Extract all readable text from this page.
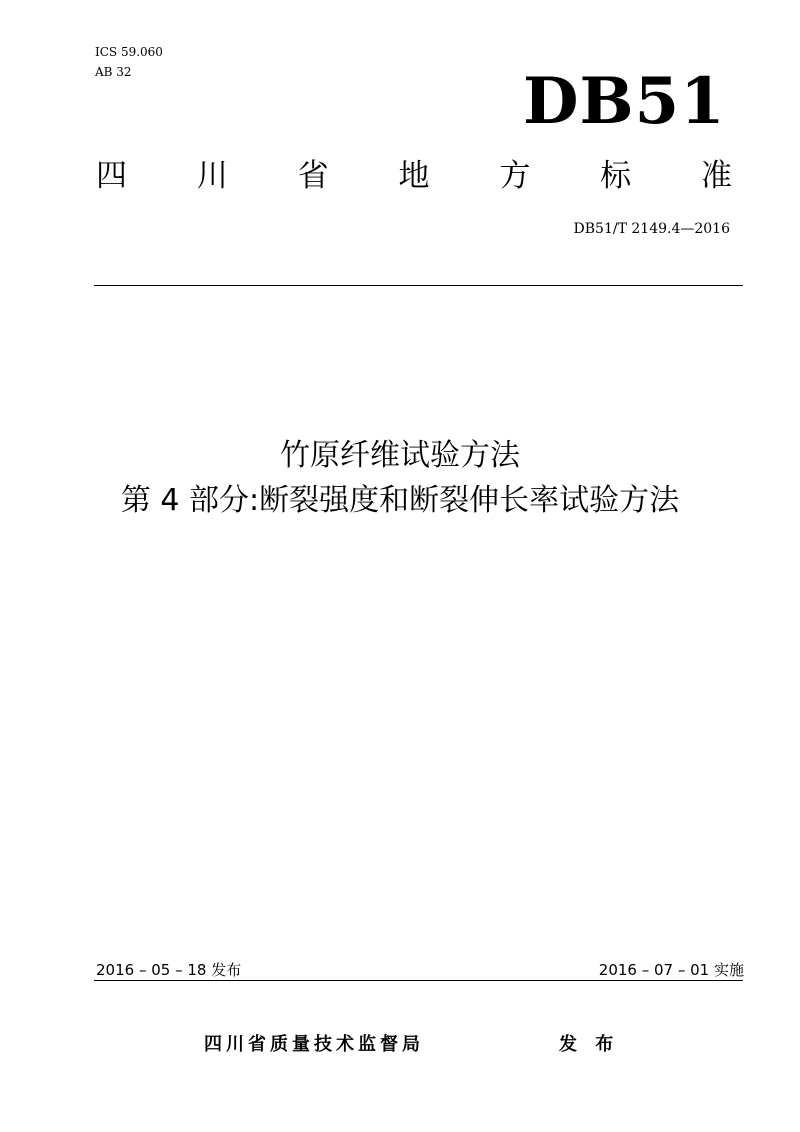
ICS 59.060
AB 32	DB51
四 川 省 地 方 标 准
DB51/T 2149.4—2016
竹原纤维试验方法
第 4 部分:断裂强度和断裂伸长率试验方法
2016 – 05 – 18 发布	2016 – 07 – 01 实施
四川省质量技术监督局	发 布
